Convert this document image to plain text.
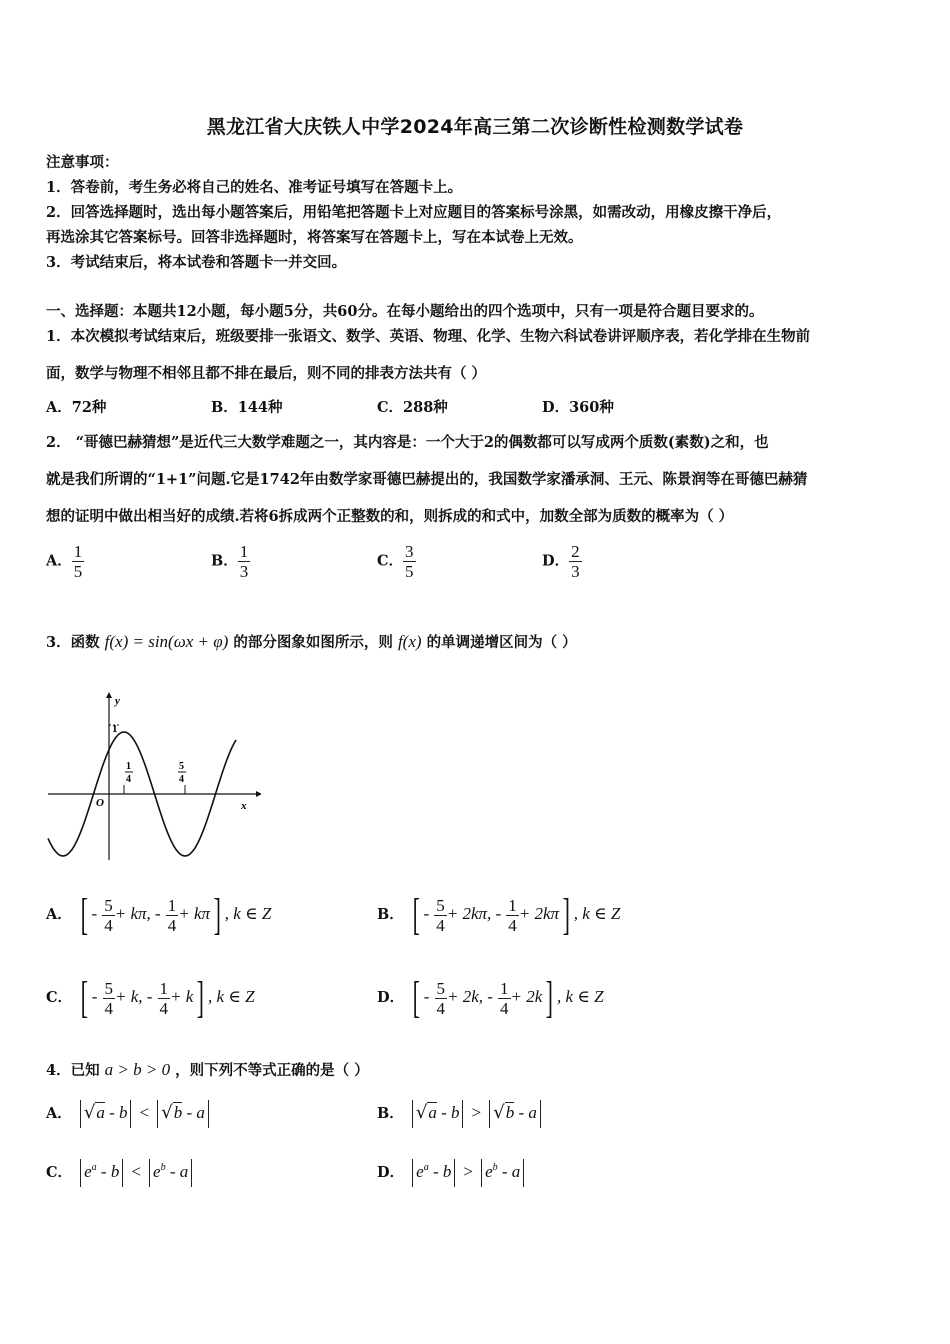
黑龙江省大庆铁人中学2024年高三第二次诊断性检测数学试卷
注意事项：
1．答卷前，考生务必将自己的姓名、准考证号填写在答题卡上。
2．回答选择题时，选出每小题答案后，用铅笔把答题卡上对应题目的答案标号涂黑，如需改动，用橡皮擦干净后，
再选涂其它答案标号。回答非选择题时，将答案写在答题卡上，写在本试卷上无效。
3．考试结束后，将本试卷和答题卡一并交回。
一、选择题：本题共12小题，每小题5分，共60分。在每小题给出的四个选项中，只有一项是符合题目要求的。
1．本次模拟考试结束后，班级要排一张语文、数学、英语、物理、化学、生物六科试卷讲评顺序表，若化学排在生物前
面，数学与物理不相邻且都不排在最后，则不同的排表方法共有（ ）
A．72种	B．144种	C．288种	D．360种
2． “哥德巴赫猜想”是近代三大数学难题之一，其内容是：一个大于2的偶数都可以写成两个质数(素数)之和，也
就是我们所谓的“1+1”问题.它是1742年由数学家哥德巴赫提出的，我国数学家潘承洞、王元、陈景润等在哥德巴赫猜
想的证明中做出相当好的成绩.若将6拆成两个正整数的和，则拆成的和式中，加数全部为质数的概率为（ ）
A． $\frac{1}{5}$	B． $\frac{1}{3}$	C． $\frac{3}{5}$	D． $\frac{2}{3}$
3．函数 f(x) = sin(ωx + φ) 的部分图象如图所示，则 f(x) 的单调递增区间为（ ）
y
x
O
1
1
4
5
4
A． [ - $\frac{5}{4} + k\pi$, - $\frac{1}{4} + k\pi$] , k ∈ Z	B． [ - $\frac{5}{4} + 2k\pi$, - $\frac{1}{4} + 2k\pi$] , k ∈ Z
C． [ - $\frac{5}{4} + k$, - $\frac{1}{4} + k$] , k ∈ Z	D． [ - $\frac{5}{4} + 2k$, - $\frac{1}{4} + 2k$] , k ∈ Z
4．已知 a > b > 0 ，则下列不等式正确的是（ ）
A． √a - b < √b - a	B． √a - b > √b - a
C． $e^a - b < e^b - a$	D． $e^a - b > e^b - a$
